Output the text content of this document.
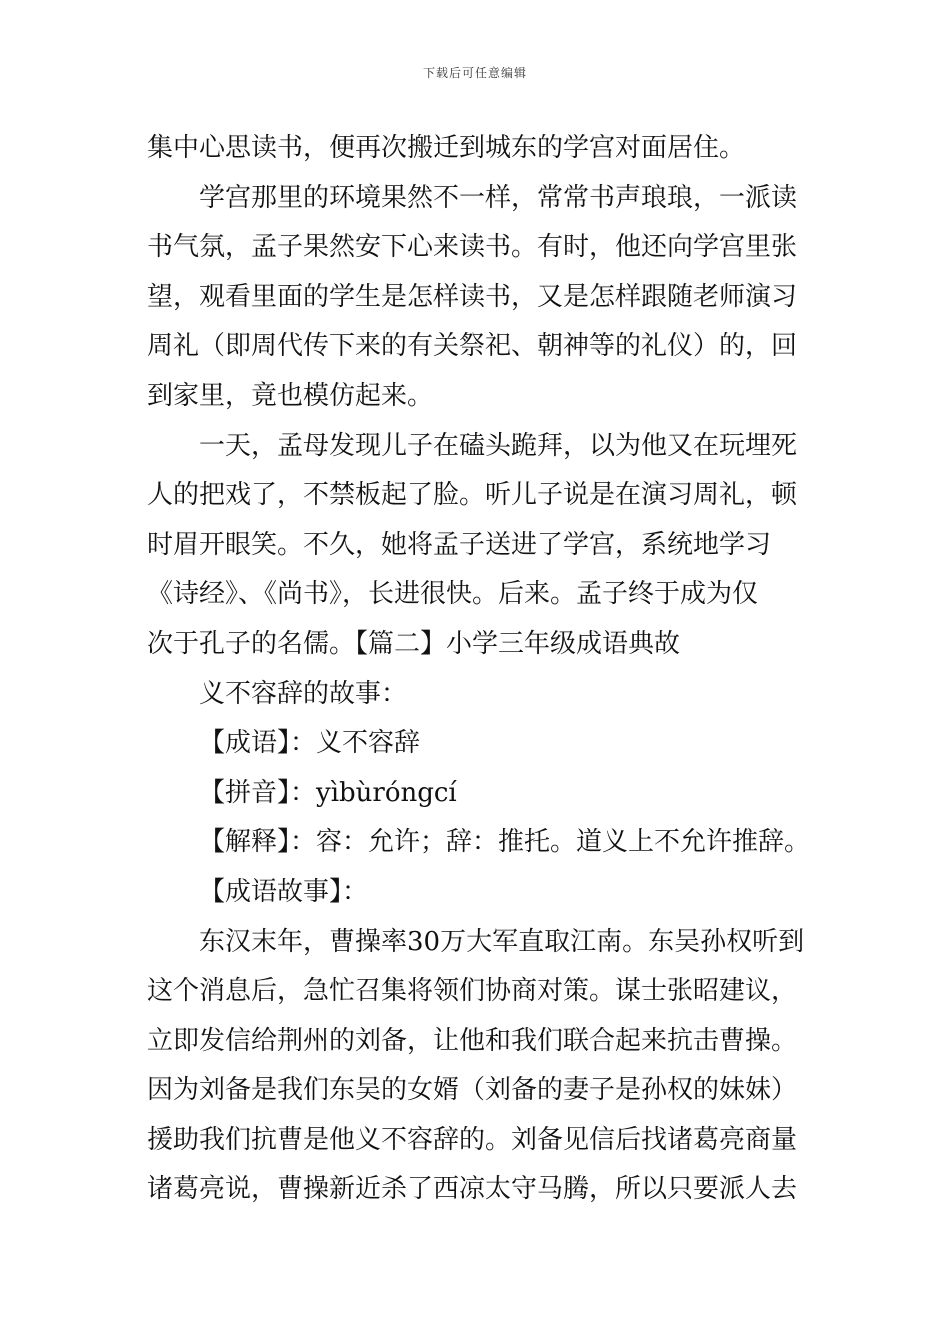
下载后可任意编辑
集中心思读书，便再次搬迁到城东的学宫对面居住。
学宫那里的环境果然不一样，常常书声琅琅，一派读
书气氛，孟子果然安下心来读书。有时，他还向学宫里张
望，观看里面的学生是怎样读书，又是怎样跟随老师演习
周礼（即周代传下来的有关祭祀、朝神等的礼仪）的，回
到家里，竟也模仿起来。
一天，孟母发现儿子在磕头跪拜，以为他又在玩埋死
人的把戏了，不禁板起了脸。听儿子说是在演习周礼，顿
时眉开眼笑。不久，她将孟子送进了学宫，系统地学习
《诗经》、《尚书》，长进很快。后来。孟子终于成为仅
次于孔子的名儒。【篇二】小学三年级成语典故
义不容辞的故事：
【成语】：义不容辞
【拼音】：yìbùróngcí
【解释】：容：允许；辞：推托。道义上不允许推辞。
【成语故事】：
东汉末年，曹操率30万大军直取江南。东吴孙权听到
这个消息后，急忙召集将领们协商对策。谋士张昭建议，
立即发信给荆州的刘备，让他和我们联合起来抗击曹操。
因为刘备是我们东吴的女婿（刘备的妻子是孙权的妹妹）
援助我们抗曹是他义不容辞的。刘备见信后找诸葛亮商量
诸葛亮说，曹操新近杀了西凉太守马腾，所以只要派人去
